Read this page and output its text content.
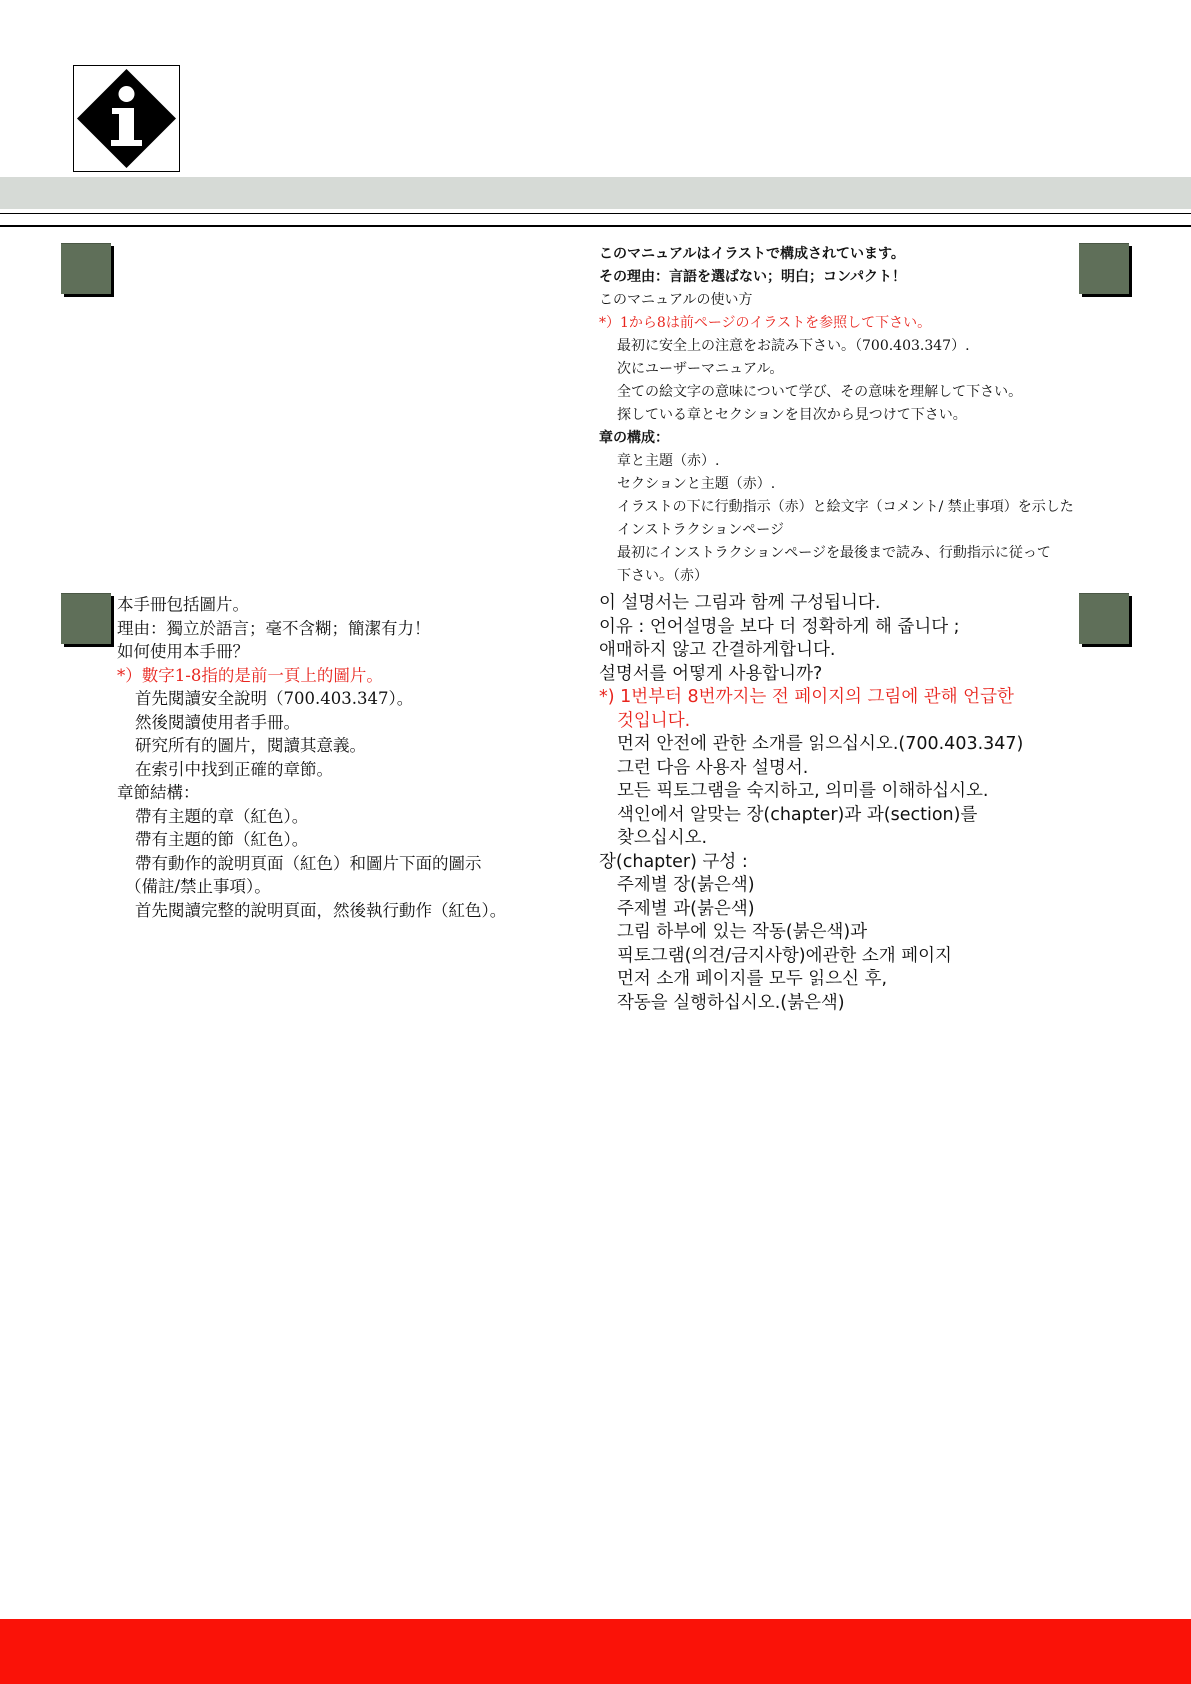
このマニュアルはイラストで構成されています。
その理由：言語を選ばない；明白；コンパクト！
このマニュアルの使い方
*）1から8は前ページのイラストを参照して下さい。
最初に安全上の注意をお読み下さい。（700.403.347）.
次にユーザーマニュアル。
全ての絵文字の意味について学び、その意味を理解して下さい。
探している章とセクションを目次から見つけて下さい。
章の構成：
章と主題（赤）.
セクションと主題（赤）.
イラストの下に行動指示（赤）と絵文字（コメント/ 禁止事項）を示した
インストラクションページ
最初にインストラクションページを最後まで読み、行動指示に従って
下さい。（赤）
本手冊包括圖片。
理由：獨立於語言；毫不含糊；簡潔有力！
如何使用本手冊？
*）數字1-8指的是前一頁上的圖片。
首先閱讀安全說明（700.403.347）。
然後閱讀使用者手冊。
研究所有的圖片，閱讀其意義。
在索引中找到正確的章節。
章節結構：
帶有主題的章（紅色）。
帶有主題的節（紅色）。
帶有動作的說明頁面（紅色）和圖片下面的圖示
（備註/禁止事項）。
首先閱讀完整的說明頁面，然後執行動作（紅色）。
이 설명서는 그림과 함께 구성됩니다.
이유 : 언어설명을 보다 더 정확하게 해 줍니다 ;
애매하지 않고 간결하게합니다.
설명서를 어떻게 사용합니까?
*) 1번부터 8번까지는 전 페이지의 그림에 관해 언급한
것입니다.
먼저 안전에 관한 소개를 읽으십시오.(700.403.347)
그런 다음 사용자 설명서.
모든 픽토그램을 숙지하고, 의미를 이해하십시오.
색인에서 알맞는 장(chapter)과 과(section)를
찾으십시오.
장(chapter) 구성 :
주제별 장(붉은색)
주제별 과(붉은색)
그림 하부에 있는 작동(붉은색)과
픽토그램(의견/금지사항)에관한 소개 페이지
먼저 소개 페이지를 모두 읽으신 후,
작동을 실행하십시오.(붉은색)
